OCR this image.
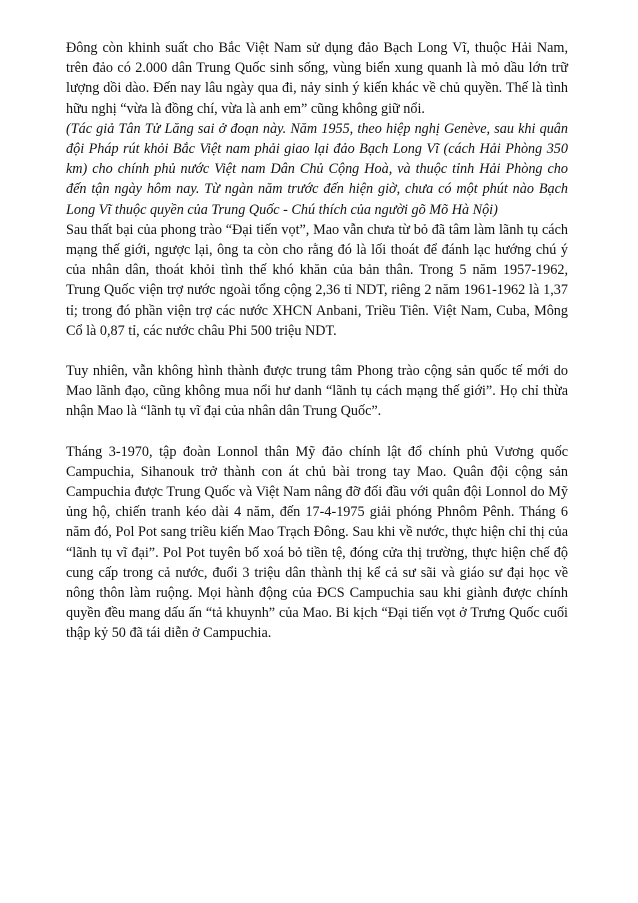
Đông còn khinh suất cho Bắc Việt Nam sử dụng đảo Bạch Long Vĩ, thuộc Hải Nam, trên đảo có 2.000 dân Trung Quốc sinh sống, vùng biển xung quanh là mỏ dầu lớn trữ lượng dồi dào. Đến nay lâu ngày qua đi, nảy sinh ý kiến khác về chủ quyền. Thế là tình hữu nghị “vừa là đồng chí, vừa là anh em” cũng không giữ nổi.

(Tác giả Tân Tử Lăng sai ở đoạn này. Năm 1955, theo hiệp nghị Genève, sau khi quân đội Pháp rút khỏi Bắc Việt nam phải giao lại đảo Bạch Long Vĩ (cách Hải Phòng 350 km) cho chính phủ nước Việt nam Dân Chủ Cộng Hoà, và thuộc tỉnh Hải Phòng cho đến tận ngày hôm nay. Từ ngàn năm trước đến hiện giờ, chưa có một phút nào Bạch Long Vĩ thuộc quyền của Trung Quốc - Chú thích của người gõ Mõ Hà Nội)

Sau thất bại của phong trào “Đại tiến vọt”, Mao vẫn chưa từ bỏ đã tâm làm lãnh tụ cách mạng thế giới, ngược lại, ông ta còn cho rằng đó là lối thoát để đánh lạc hướng chú ý của nhân dân, thoát khỏi tình thế khó khăn của bản thân. Trong 5 năm 1957-1962, Trung Quốc viện trợ nước ngoài tổng cộng 2,36 tỉ NDT, riêng 2 năm 1961-1962 là 1,37 tỉ; trong đó phần viện trợ các nước XHCN Anbani, Triều Tiên. Việt Nam, Cuba, Mông Cổ là 0,87 tỉ, các nước châu Phi 500 triệu NDT.

Tuy nhiên, vẫn không hình thành được trung tâm Phong trào cộng sản quốc tế mới do Mao lãnh đạo, cũng không mua nổi hư danh “lãnh tụ cách mạng thế giới”. Họ chỉ thừa nhận Mao là “lãnh tụ vĩ đại của nhân dân Trung Quốc”.

Tháng 3-1970, tập đoàn Lonnol thân Mỹ đảo chính lật đổ chính phủ Vương quốc Campuchia, Sihanouk trở thành con át chủ bài trong tay Mao. Quân đội cộng sản Campuchia được Trung Quốc và Việt Nam nâng đỡ đối đầu với quân đội Lonnol do Mỹ ủng hộ, chiến tranh kéo dài 4 năm, đến 17-4-1975 giải phóng Phnôm Pênh. Tháng 6 năm đó, Pol Pot sang triều kiến Mao Trạch Đông. Sau khi về nước, thực hiện chỉ thị của “lãnh tụ vĩ đại”. Pol Pot tuyên bố xoá bỏ tiền tệ, đóng cửa thị trường, thực hiện chế độ cung cấp trong cả nước, đuổi 3 triệu dân thành thị kể cả sư sãi và giáo sư đại học về nông thôn làm ruộng. Mọi hành động của ĐCS Campuchia sau khi giành được chính quyền đều mang dấu ấn “tả khuynh” của Mao. Bi kịch “Đại tiến vọt ở Trưng Quốc cuối thập kỷ 50 đã tái diễn ở Campuchia.
